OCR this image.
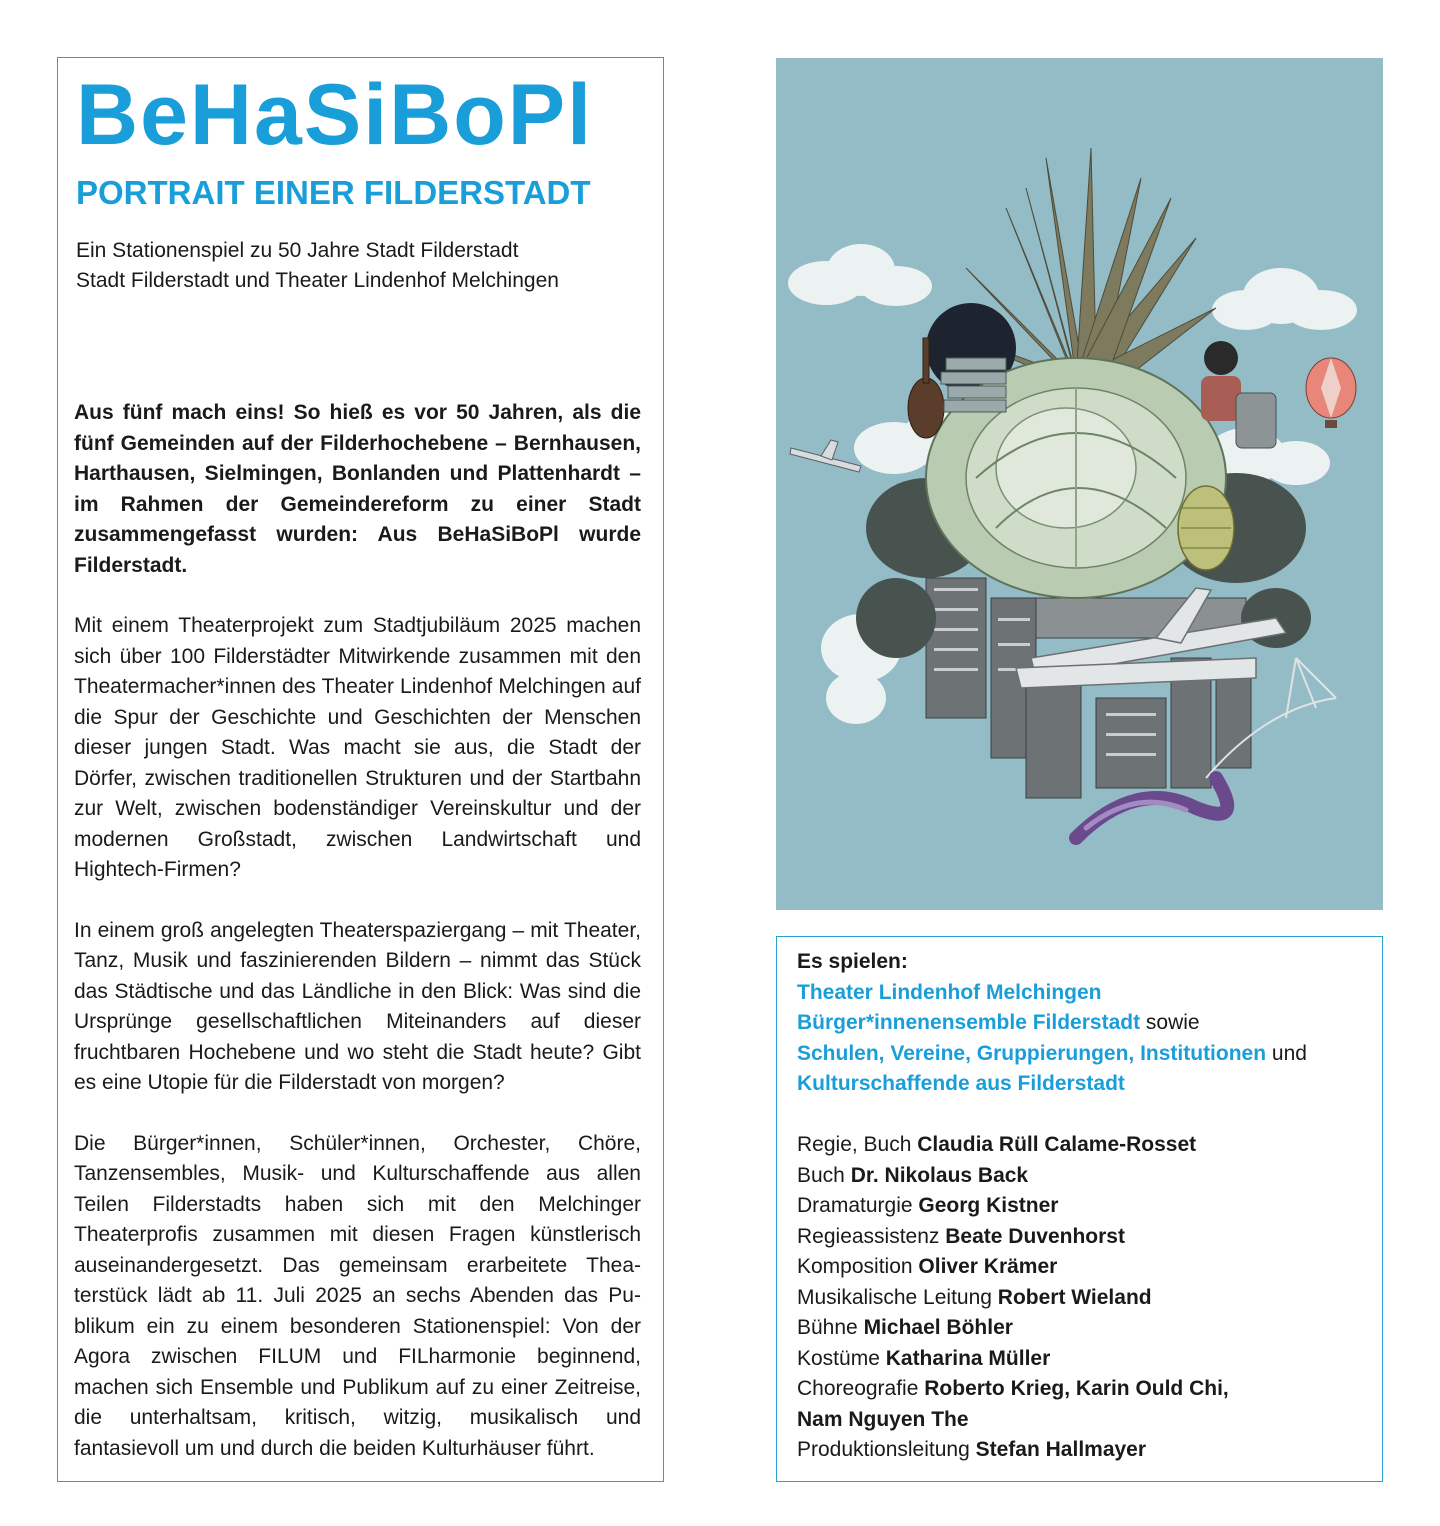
BeHaSiBoPl
PORTRAIT EINER FILDERSTADT

Ein Stationenspiel zu 50 Jahre Stadt Filderstadt

Stadt Filderstadt und Theater Lindenhof Melchingen

Aus fünf mach eins! So hieß es vor 50 Jahren, als die fünf Gemeinden auf der Filderhochebene – Bernhausen, Harthausen, Sielmingen, Bonlanden und Plattenhardt – im Rahmen der Gemeindereform zu einer Stadt zusammengefasst wurden: Aus BeHaSiBoPl wurde Filderstadt.

Mit einem Theaterprojekt zum Stadtjubiläum 2025 machen sich über 100 Filderstädter Mitwirkende zusammen mit den Theatermacher*innen des Theater Lindenhof Melchingen auf die Spur der Geschichte und Geschichten der Menschen dieser jungen Stadt. Was macht sie aus, die Stadt der Dörfer, zwischen traditionellen Strukturen und der Startbahn zur Welt, zwischen bodenständiger Vereinskultur und der modernen Großstadt, zwischen Landwirtschaft und Hightech-Firmen?

In einem groß angelegten Theaterspaziergang – mit Theater, Tanz, Musik und faszinierenden Bildern – nimmt das Stück das Städtische und das Ländliche in den Blick: Was sind die Ursprünge gesellschaftlichen Miteinanders auf dieser fruchtbaren Hochebene und wo steht die Stadt heute? Gibt es eine Utopie für die Filderstadt von morgen?

Die Bürger*innen, Schüler*innen, Orchester, Chöre, Tanzensembles, Musik- und Kulturschaffende aus allen Teilen Filderstadts haben sich mit den Melchinger Theaterprofis zusammen mit diesen Fragen künstlerisch auseinandergesetzt. Das gemeinsam erarbeitete Theaterstück lädt ab 11. Juli 2025 an sechs Abenden das Publikum ein zu einem besonderen Stationenspiel: Von der Agora zwischen FILUM und FILharmonie beginnend, machen sich Ensemble und Publikum auf zu einer Zeitreise, die unterhaltsam, kritisch, witzig, musikalisch und fantasievoll um und durch die beiden Kulturhäuser führt.

Es spielen:

Theater Lindenhof Melchingen

Bürger*innenensemble Filderstadt sowie

Schulen, Vereine, Gruppierungen, Institutionen und

Kulturschaffende aus Filderstadt

Regie, Buch Claudia Rüll Calame-Rosset

Buch Dr. Nikolaus Back

Dramaturgie Georg Kistner

Regieassistenz Beate Duvenhorst

Komposition Oliver Krämer

Musikalische Leitung Robert Wieland

Bühne Michael Böhler

Kostüme Katharina Müller

Choreografie Roberto Krieg, Karin Ould Chi,

Nam Nguyen The

Produktionsleitung Stefan Hallmayer
